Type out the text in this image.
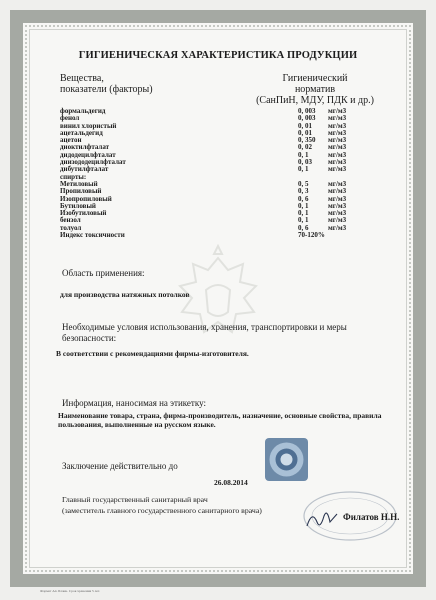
ГИГИЕНИЧЕСКАЯ ХАРАКТЕРИСТИКА ПРОДУКЦИИ
Вещества,
показатели (факторы)
Гигиенический
норматив
(СанПиН, МДУ, ПДК и др.)
формальдегид	0, 003	мг/м3
фенол	0, 003	мг/м3
винил хлористый	0, 01	мг/м3
ацетальдегид	0, 01	мг/м3
ацетон	0, 350	мг/м3
диоктилфталат	0, 02	мг/м3
дидодецилфталат	0, 1	мг/м3
диизододецилфталат	0, 03	мг/м3
дибутилфталат	0, 1	мг/м3
спирты:
Метиловый	0, 5	мг/м3
Пропиловый	0, 3	мг/м3
Изопропиловый	0, 6	мг/м3
Бутиловый	0, 1	мг/м3
Изобутиловый	0, 1	мг/м3
бензол	0, 1	мг/м3
толуол	0, 6	мг/м3
Индекс токсичности	70-120%
Область применения:
для производства натяжных потолков
Необходимые условия использования, хранения, транспортировки и меры безопасности:
В соответствии с рекомендациями фирмы-изготовителя.
Информация, наносимая на этикетку:
Наименование товара, страна, фирма-производитель, назначение, основные свойства, правила пользования, выполненные на русском языке.
Заключение действительно до
26.08.2014
Главный государственный санитарный врач
(заместитель главного государственного санитарного врача)
Филатов Н.Н.
Формат А4. Бланк. Срок хранения 5 лет.
